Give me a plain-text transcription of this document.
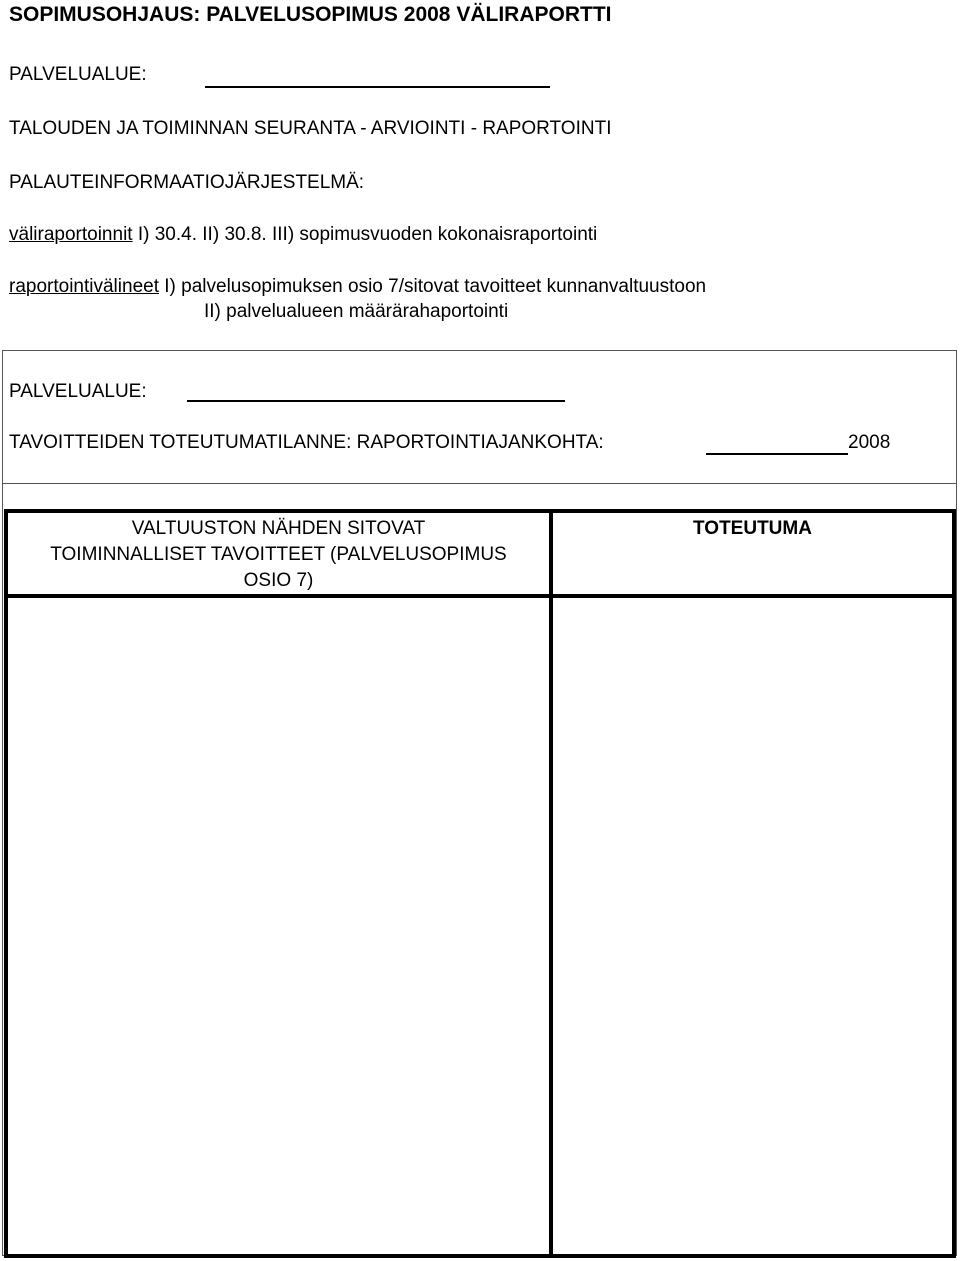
SOPIMUSOHJAUS: PALVELUSOPIMUS 2008 VÄLIRAPORTTI
PALVELUALUE:
TALOUDEN JA TOIMINNAN SEURANTA - ARVIOINTI - RAPORTOINTI
PALAUTEINFORMAATIOJÄRJESTELMÄ:
väliraportoinnit I) 30.4. II) 30.8. III) sopimusvuoden kokonaisraportointi
raportointivälineet I) palvelusopimuksen osio 7/sitovat tavoitteet kunnanvaltuustoon
II) palvelualueen määrärahaportointi
PALVELUALUE:
TAVOITTEIDEN TOTEUTUMATILANNE: RAPORTOINTIAJANKOHTA:	2008
VALTUUSTON NÄHDEN SITOVAT
TOIMINNALLISET TAVOITTEET (PALVELUSOPIMUS
OSIO 7)
TOTEUTUMA
